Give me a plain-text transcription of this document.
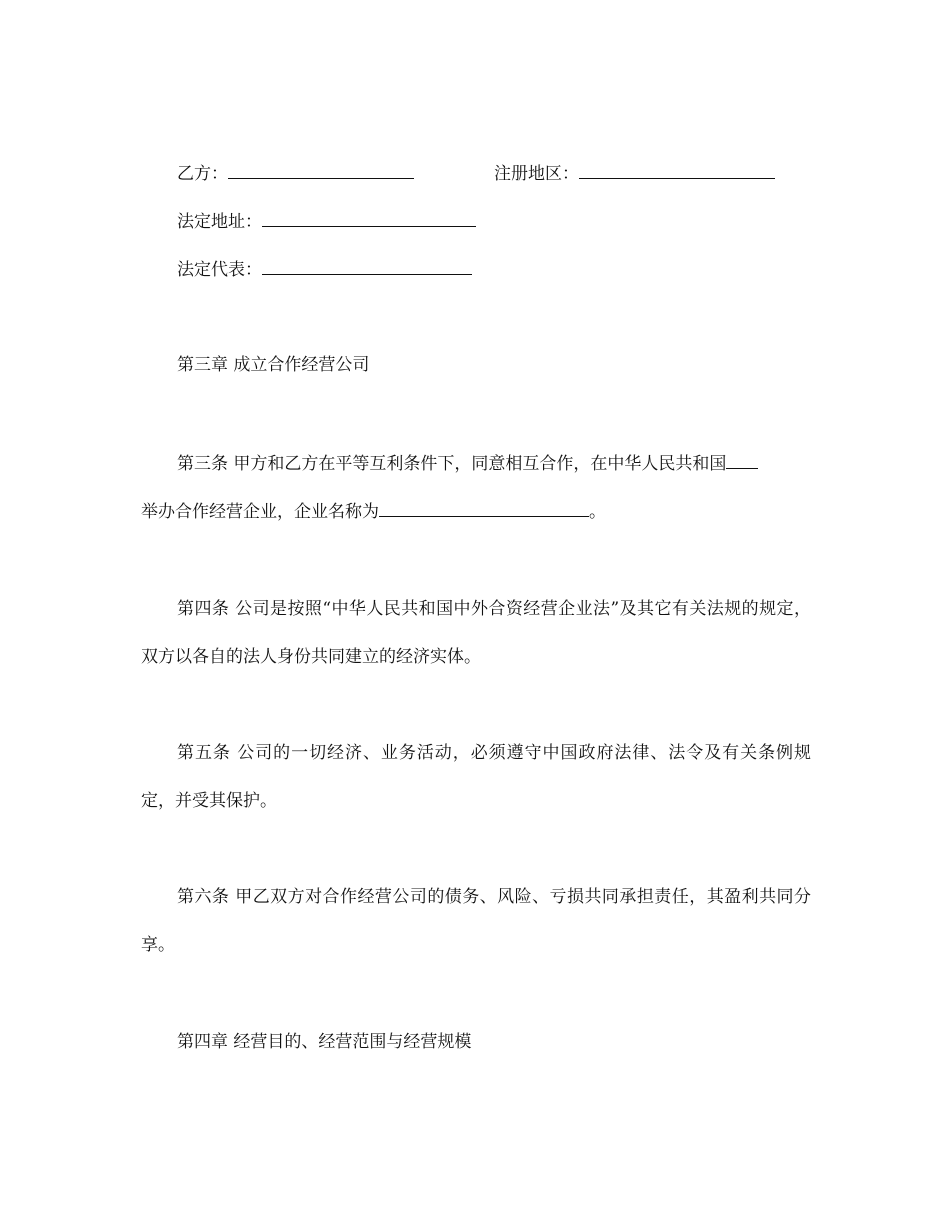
乙方：	注册地区：
法定地址：
法定代表：
第三章 成立合作经营公司
第三条 甲方和乙方在平等互利条件下，同意相互合作，在中华人民共和国
举办合作经营企业，企业名称为	。
第四条 公司是按照“中华人民共和国中外合资经营企业法”及其它有关法规的规定，双方以各自的法人身份共同建立的经济实体。
第五条 公司的一切经济、业务活动，必须遵守中国政府法律、法令及有关条例规定，并受其保护。
第六条 甲乙双方对合作经营公司的债务、风险、亏损共同承担责任，其盈利共同分享。
第四章 经营目的、经营范围与经营规模
